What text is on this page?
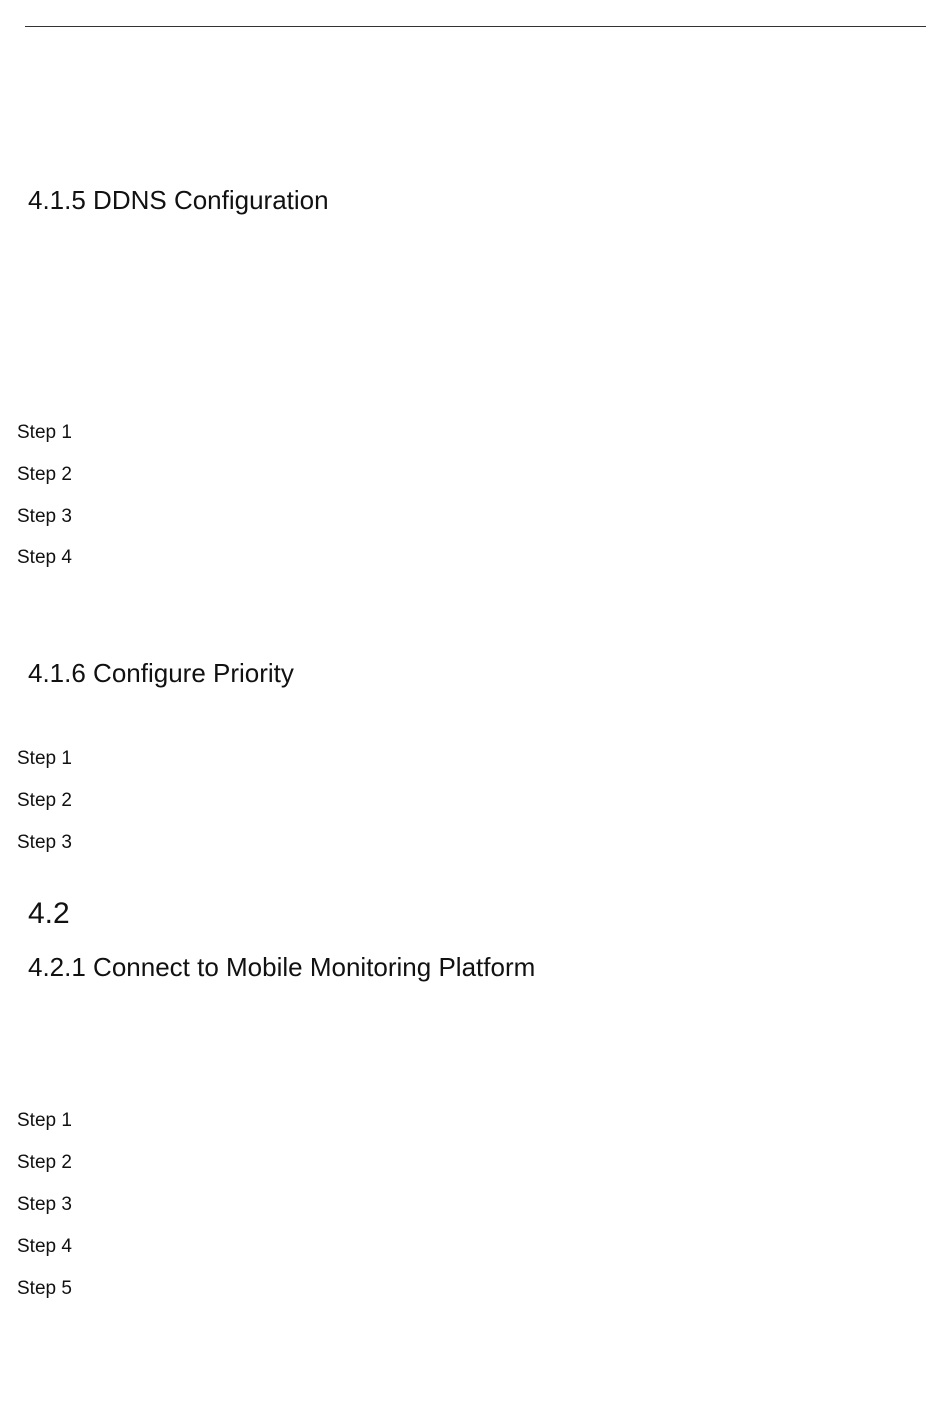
4.1.5 DDNS Configuration

Step 1

Step 2

Step 3

Step 4

4.1.6 Configure Priority

Step 1

Step 2

Step 3

4.2
4.2.1 Connect to Mobile Monitoring Platform

Step 1

Step 2

Step 3

Step 4

Step 5
